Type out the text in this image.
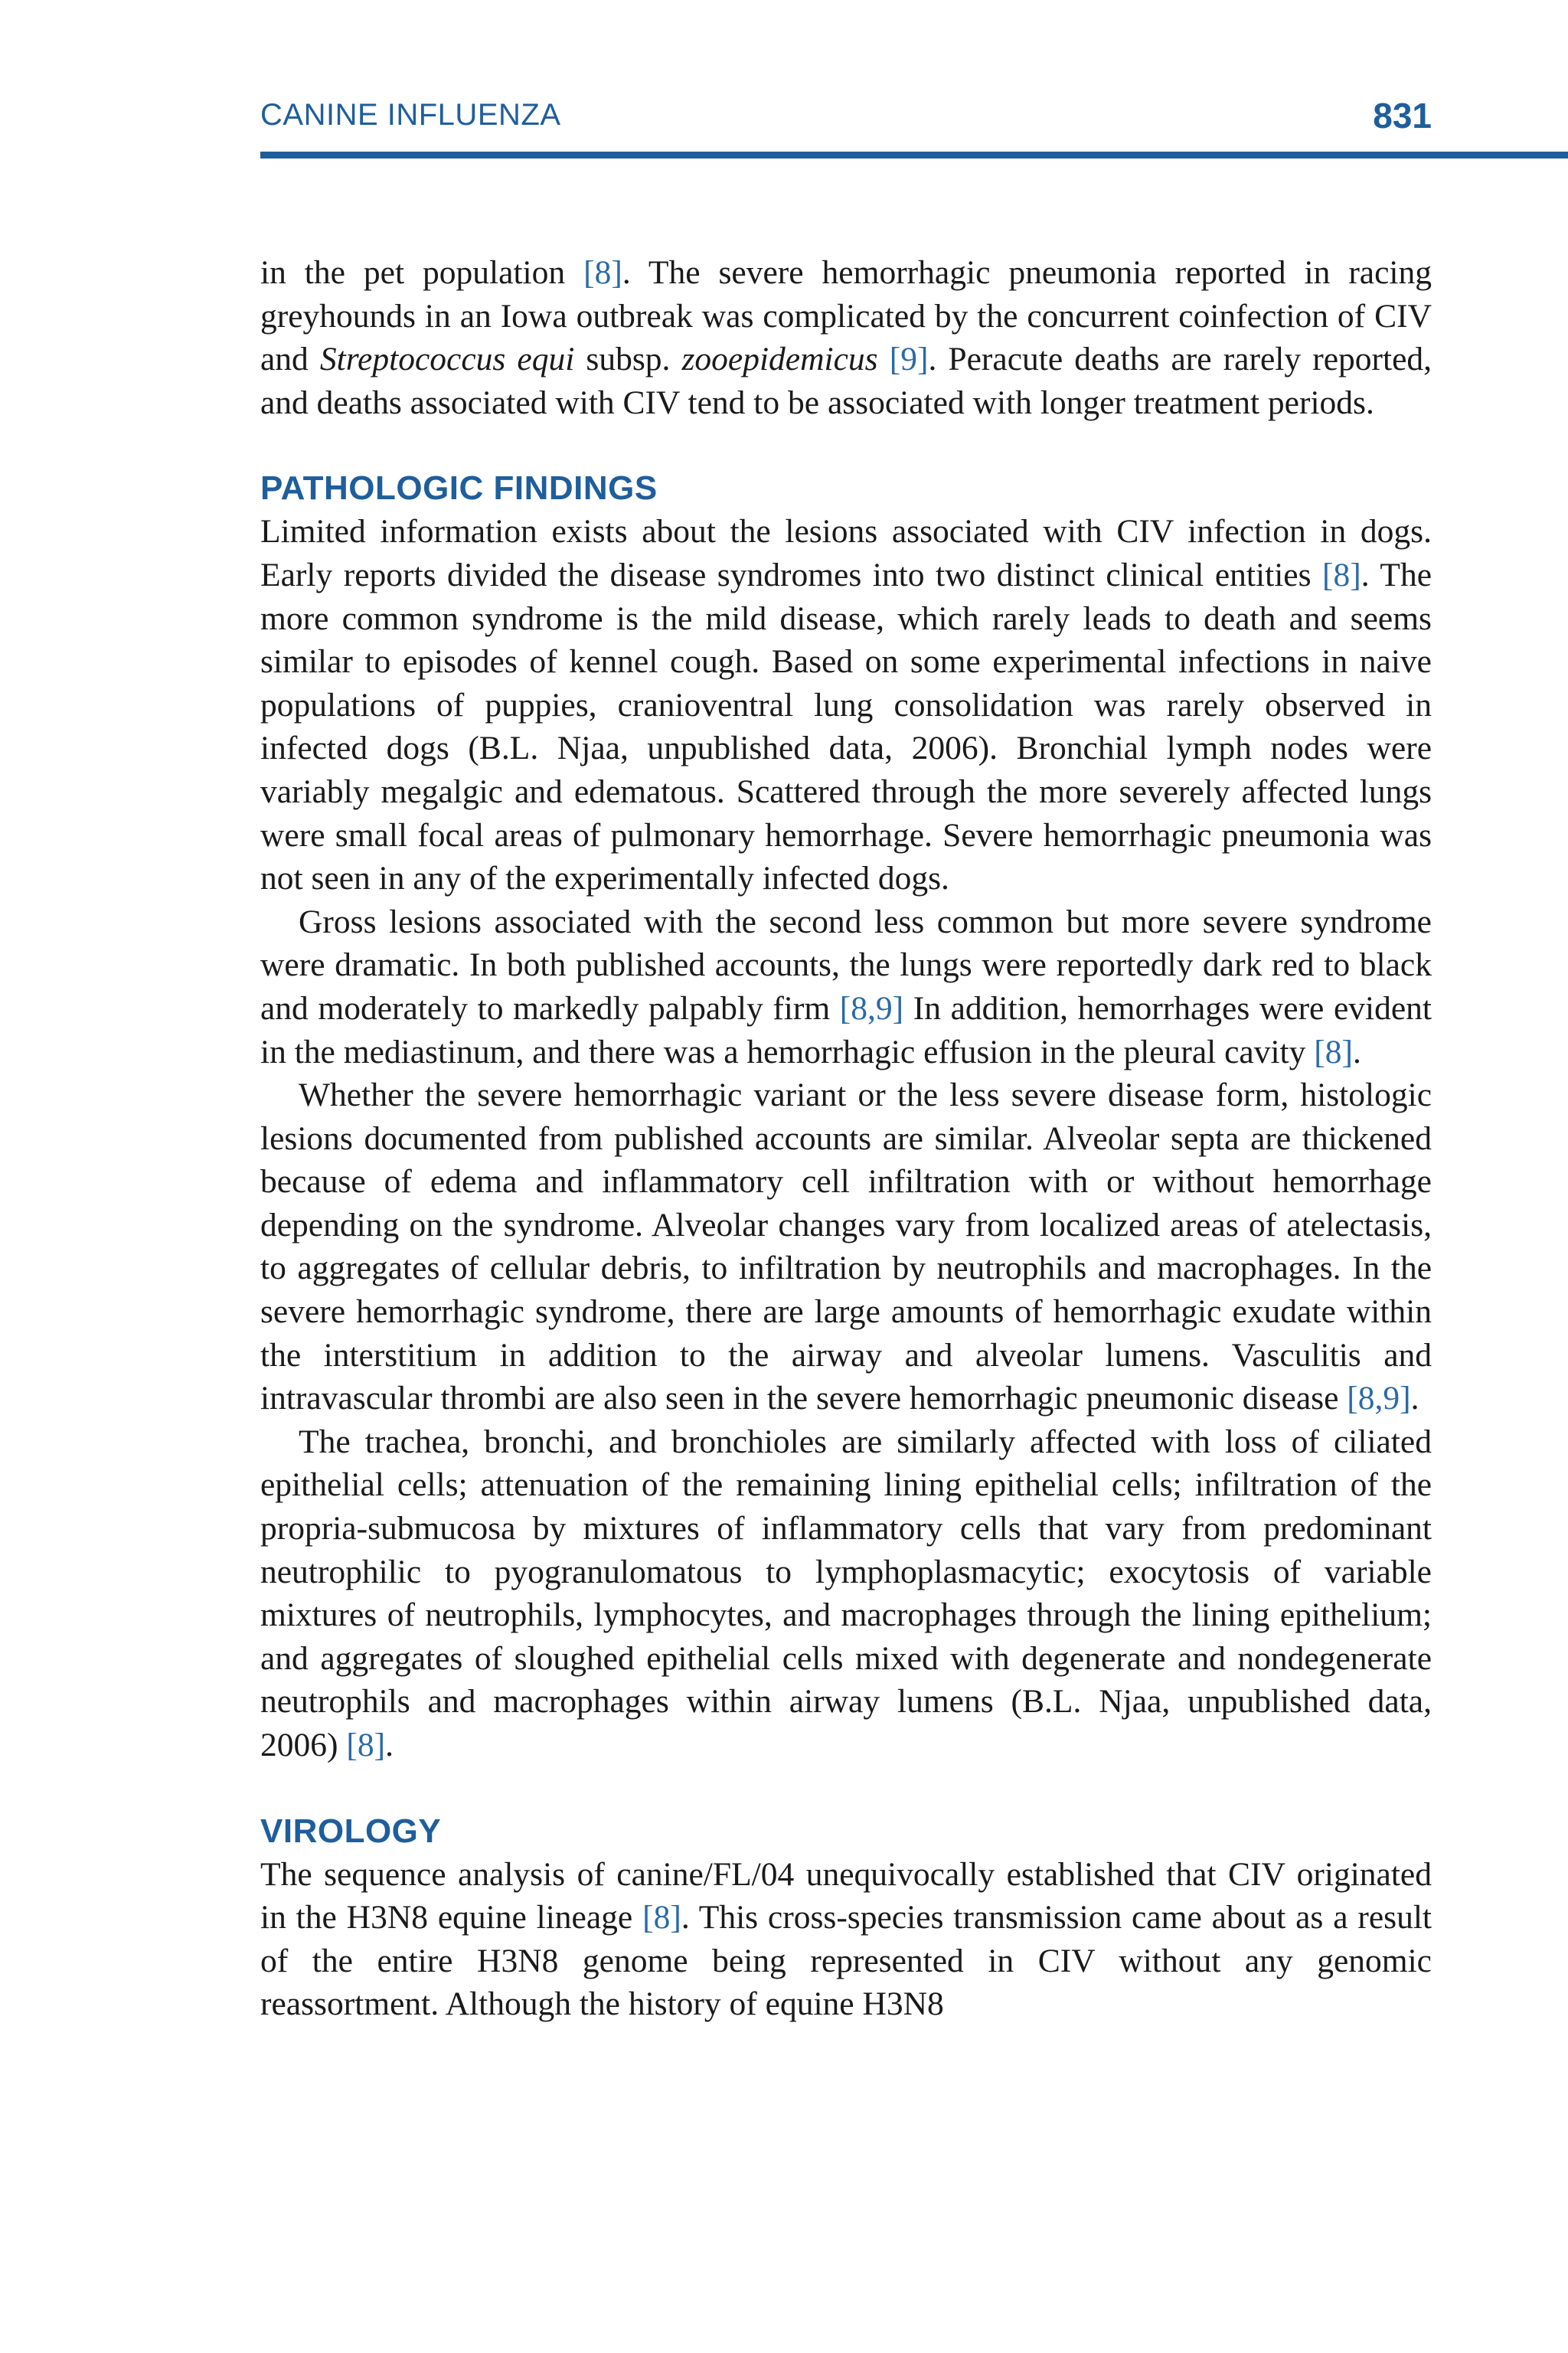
CANINE INFLUENZA	831

in the pet population [8]. The severe hemorrhagic pneumonia reported in racing greyhounds in an Iowa outbreak was complicated by the concurrent coinfection of CIV and Streptococcus equi subsp. zooepidemicus [9]. Peracute deaths are rarely reported, and deaths associated with CIV tend to be associated with longer treatment periods.

PATHOLOGIC FINDINGS

Limited information exists about the lesions associated with CIV infection in dogs. Early reports divided the disease syndromes into two distinct clinical entities [8]. The more common syndrome is the mild disease, which rarely leads to death and seems similar to episodes of kennel cough. Based on some experimental infections in naive populations of puppies, cranioventral lung consolidation was rarely observed in infected dogs (B.L. Njaa, unpublished data, 2006). Bronchial lymph nodes were variably megalgic and edematous. Scattered through the more severely affected lungs were small focal areas of pulmonary hemorrhage. Severe hemorrhagic pneumonia was not seen in any of the experimentally infected dogs.

Gross lesions associated with the second less common but more severe syndrome were dramatic. In both published accounts, the lungs were reportedly dark red to black and moderately to markedly palpably firm [8,9] In addition, hemorrhages were evident in the mediastinum, and there was a hemorrhagic effusion in the pleural cavity [8].

Whether the severe hemorrhagic variant or the less severe disease form, histologic lesions documented from published accounts are similar. Alveolar septa are thickened because of edema and inflammatory cell infiltration with or without hemorrhage depending on the syndrome. Alveolar changes vary from localized areas of atelectasis, to aggregates of cellular debris, to infiltration by neutrophils and macrophages. In the severe hemorrhagic syndrome, there are large amounts of hemorrhagic exudate within the interstitium in addition to the airway and alveolar lumens. Vasculitis and intravascular thrombi are also seen in the severe hemorrhagic pneumonic disease [8,9].

The trachea, bronchi, and bronchioles are similarly affected with loss of ciliated epithelial cells; attenuation of the remaining lining epithelial cells; infiltration of the propria-submucosa by mixtures of inflammatory cells that vary from predominant neutrophilic to pyogranulomatous to lymphoplasmacytic; exocytosis of variable mixtures of neutrophils, lymphocytes, and macrophages through the lining epithelium; and aggregates of sloughed epithelial cells mixed with degenerate and nondegenerate neutrophils and macrophages within airway lumens (B.L. Njaa, unpublished data, 2006) [8].

VIROLOGY

The sequence analysis of canine/FL/04 unequivocally established that CIV originated in the H3N8 equine lineage [8]. This cross-species transmission came about as a result of the entire H3N8 genome being represented in CIV without any genomic reassortment. Although the history of equine H3N8
